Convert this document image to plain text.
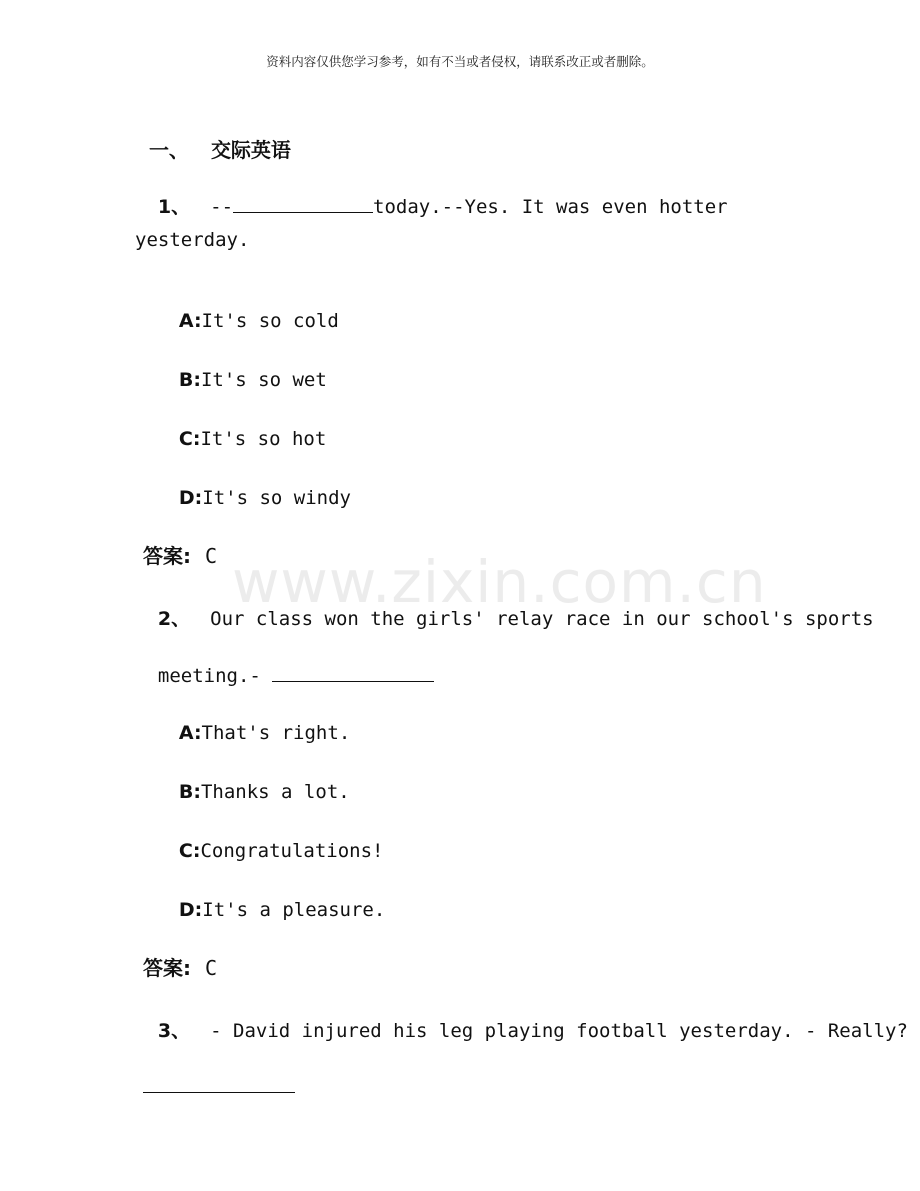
资料内容仅供您学习参考，如有不当或者侵权，请联系改正或者删除。
www.zixin.com.cn

一、 交际英语

1、 --	today.--Yes. It was even hotter

yesterday.

A:It's so cold

B:It's so wet

C:It's so hot

D:It's so windy

答案: C

2、 Our class won the girls' relay race in our school's sports

meeting.-

A:That's right.

B:Thanks a lot.

C:Congratulations!

D:It's a pleasure.

答案: C

3、 - David injured his leg playing football yesterday. - Really?
